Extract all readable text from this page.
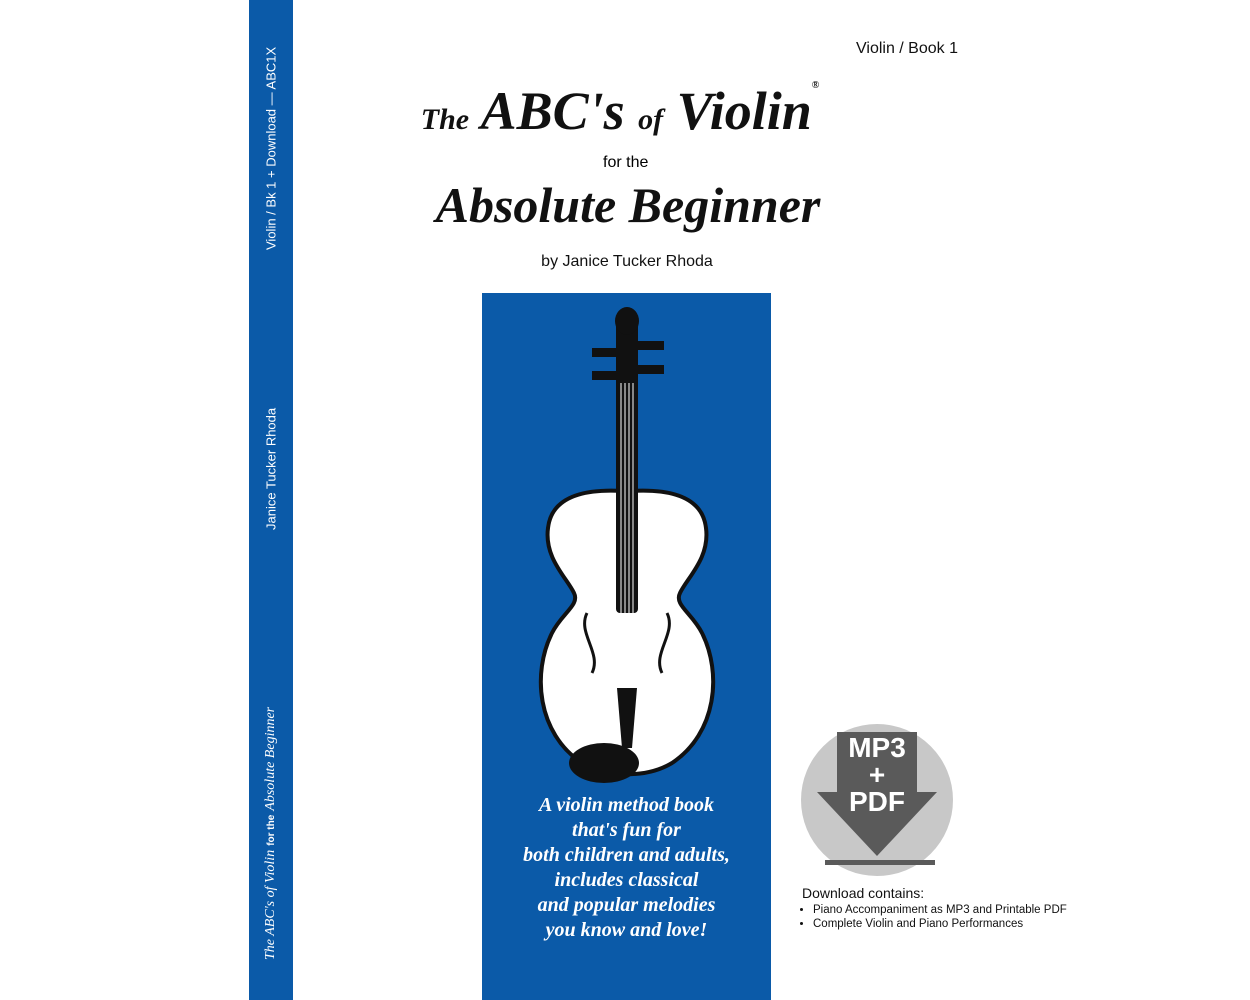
Violin / Bk 1 + Download — ABC1X
Janice Tucker Rhoda
The ABC's of Violinfor theAbsolute Beginner
Violin / Book 1
The ABC's of Violin®
for the
Absolute Beginner
by Janice Tucker Rhoda
A violin method book
that's fun for
both children and adults,
includes classical
and popular melodies
you know and love!
MP3
+
PDF
Download contains:
• Piano Accompaniment as MP3 and Printable PDF
• Complete Violin and Piano Performances
